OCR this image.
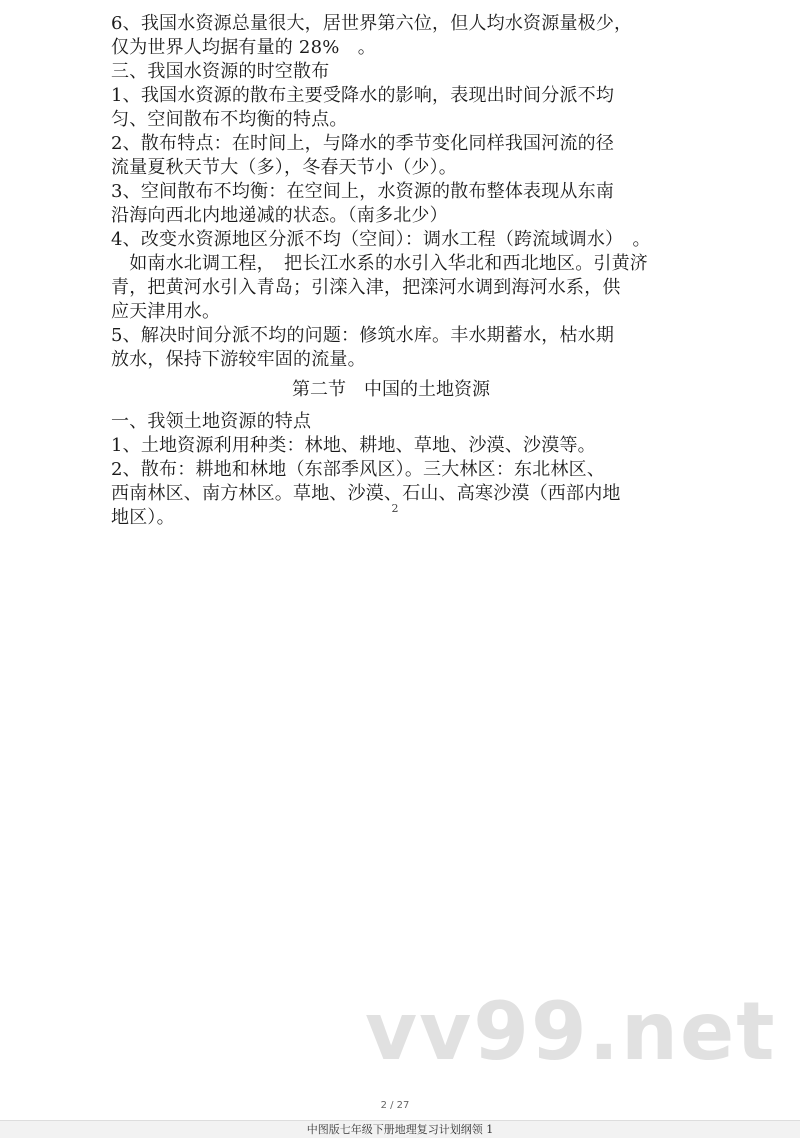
6、我国水资源总量很大，居世界第六位，但人均水资源量极少，
仅为世界人均据有量的 28%　。
三、我国水资源的时空散布
1、我国水资源的散布主要受降水的影响，表现出时间分派不均
匀、空间散布不均衡的特点。
2、散布特点：在时间上，与降水的季节变化同样我国河流的径
流量夏秋天节大（多），冬春天节小（少）。
3、空间散布不均衡：在空间上，水资源的散布整体表现从东南
沿海向西北内地递减的状态。（南多北少）
4、改变水资源地区分派不均（空间）：调水工程（跨流域调水）　。
　如南水北调工程，　把长江水系的水引入华北和西北地区。引黄济
青，把黄河水引入青岛；引滦入津，把滦河水调到海河水系，供
应天津用水。
5、解决时间分派不均的问题：修筑水库。丰水期蓄水，枯水期
放水，保持下游较牢固的流量。
第二节　中国的土地资源
一、我领土地资源的特点
1、土地资源利用种类：林地、耕地、草地、沙漠、沙漠等。
2、散布：耕地和林地（东部季风区）。三大林区：东北林区、
西南林区、南方林区。草地、沙漠、石山、高寒沙漠（西部内地
地区）。	2
vv99.net
2 / 27
中图版七年级下册地理复习计划纲领 1
